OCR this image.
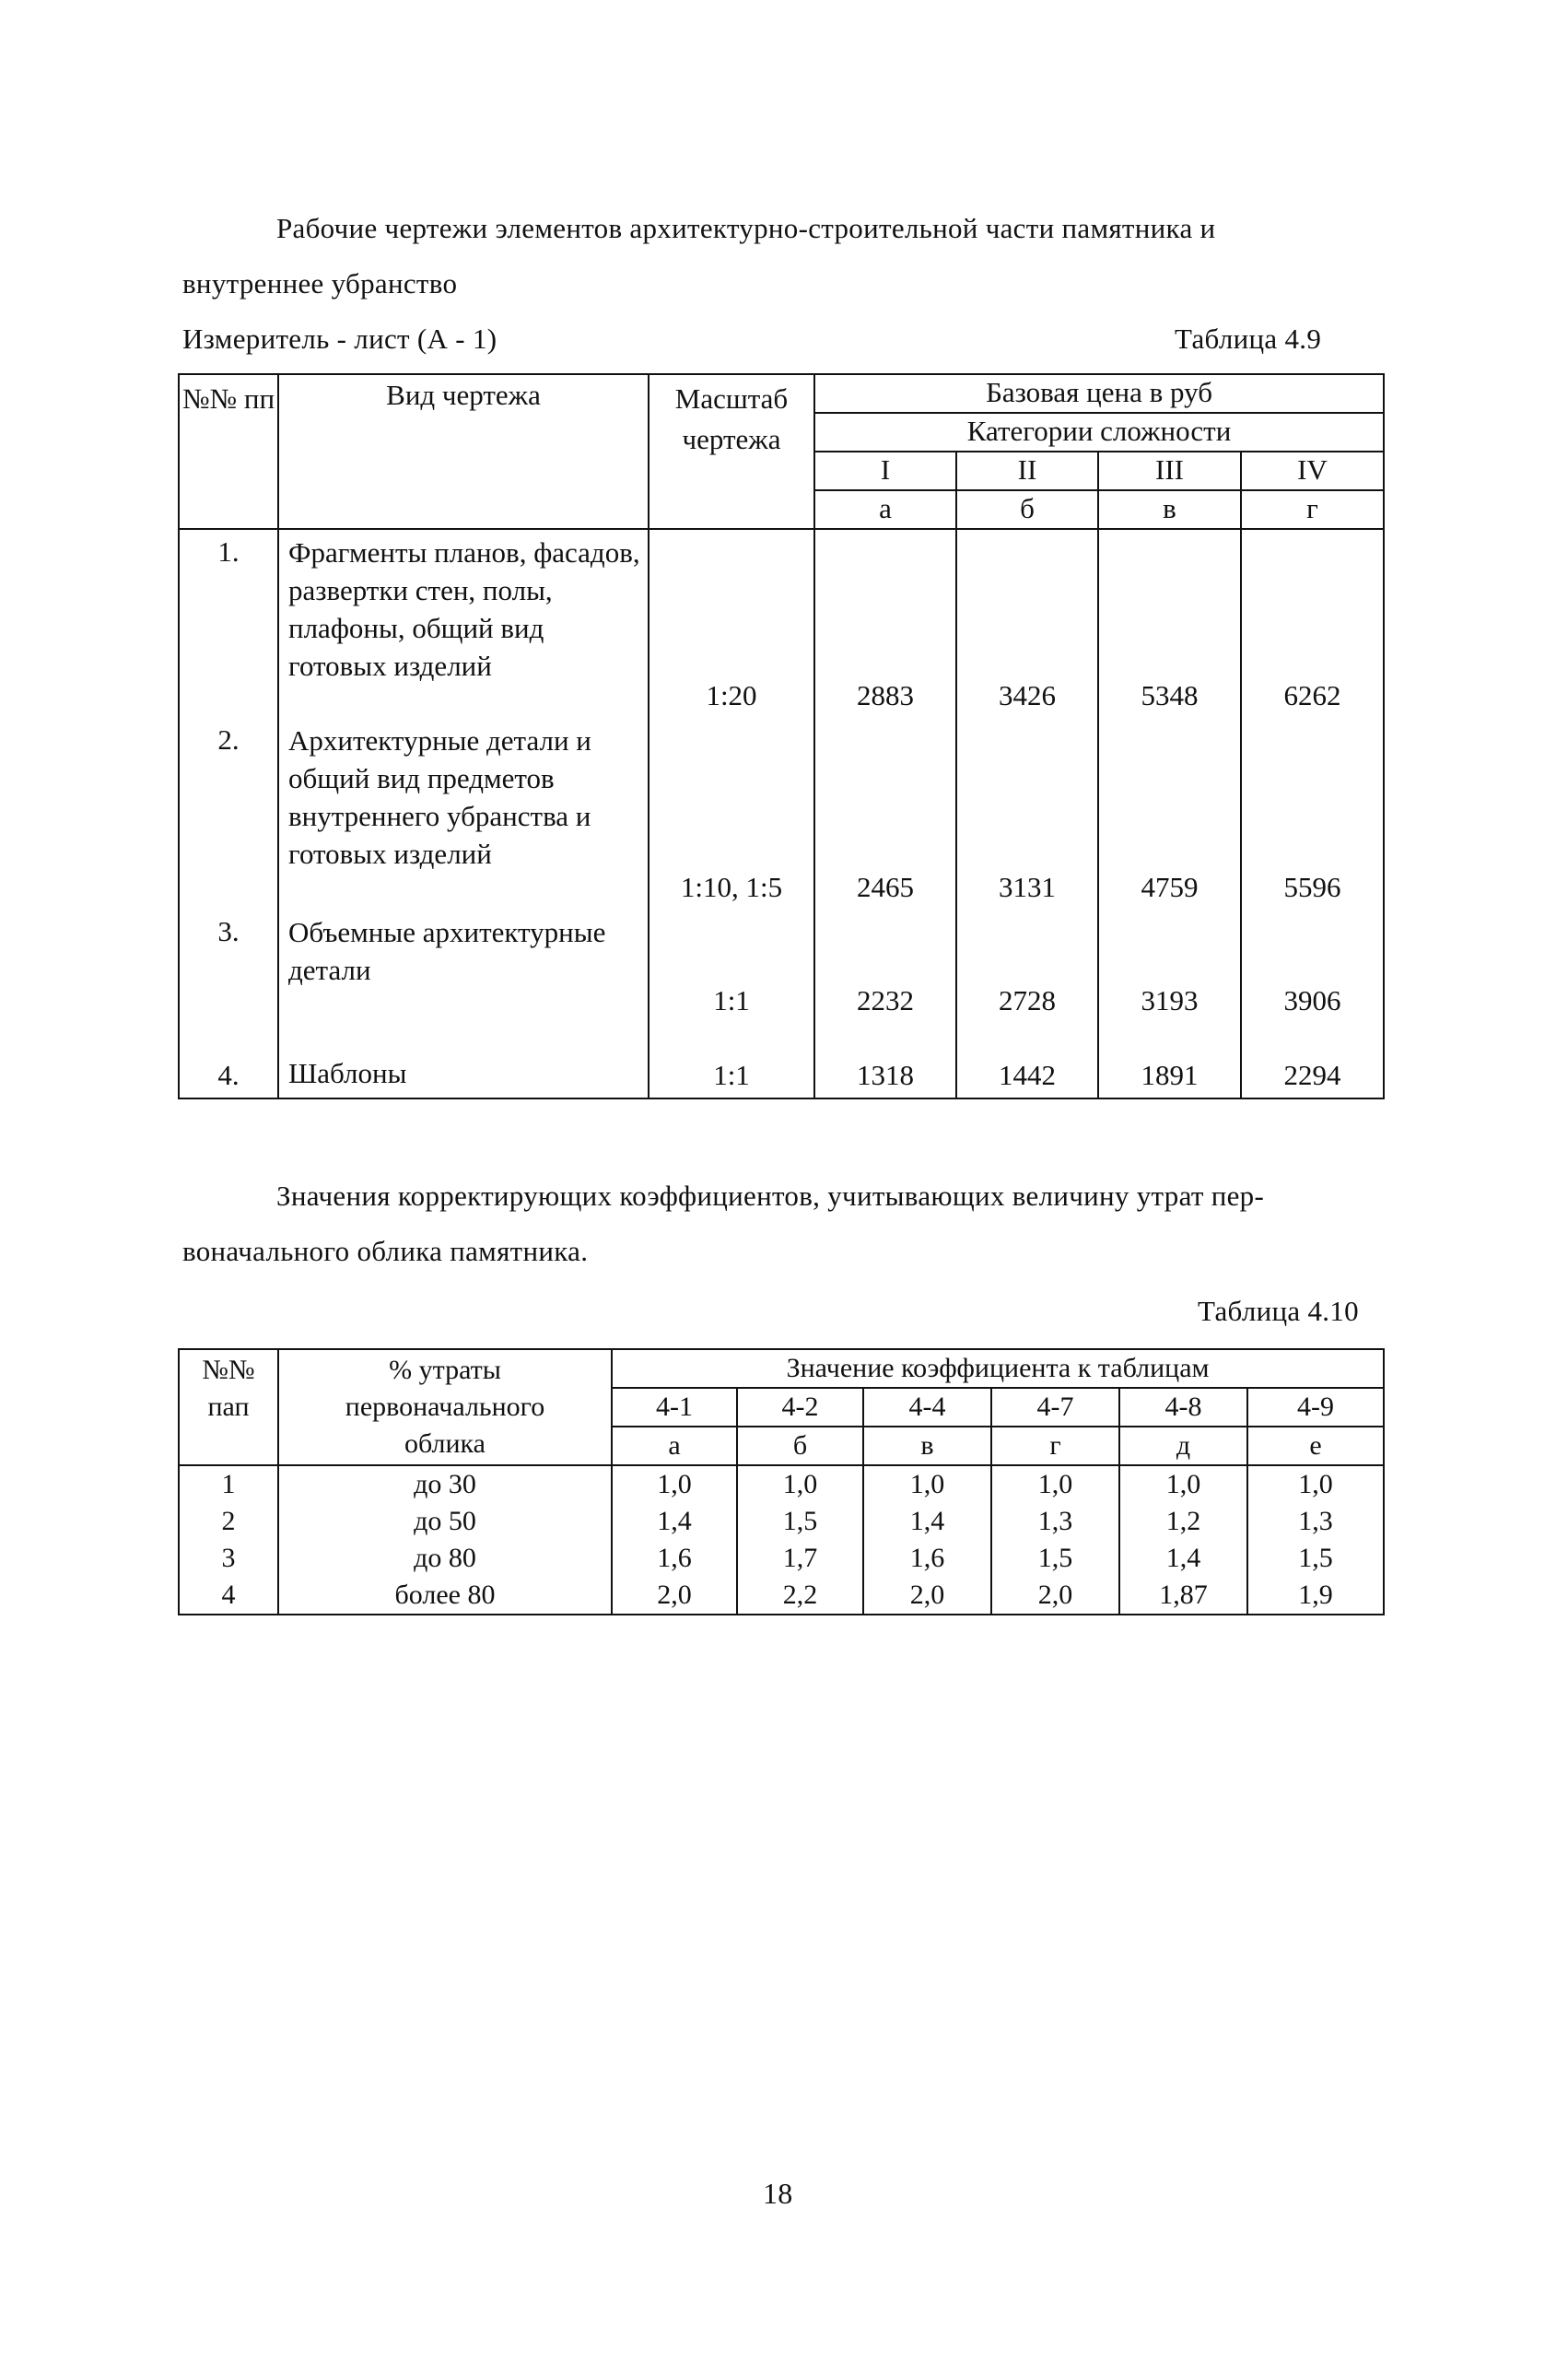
Рабочие чертежи элементов архитектурно-строительной части памятника и
внутреннее убранство
Измеритель - лист (А - 1)	Таблица 4.9
№№ пп	Вид чертежа	Масштаб чертежа	Базовая цена в руб			
			Категории сложности			
			I	II	III	IV
			а	б	в	г
1.	Фрагменты планов, фасадов, развертки стен, полы, плафоны, общий вид готовых изделий	1:20	2883	3426	5348	6262
2.	Архитектурные детали и общий вид предметов внутреннего убранства и готовых изделий	1:10, 1:5	2465	3131	4759	5596
3.	Объемные архитектурные детали	1:1	2232	2728	3193	3906
4.	Шаблоны	1:1	1318	1442	1891	2294
Значения корректирующих коэффициентов, учитывающих величину утрат пер-
воначального облика памятника.
Таблица 4.10
№№ пап	% утраты первоначального облика	Значение коэффициента к таблицам					
		4-1	4-2	4-4	4-7	4-8	4-9
		а	б	в	г	д	е
1	до 30	1,0	1,0	1,0	1,0	1,0	1,0
2	до 50	1,4	1,5	1,4	1,3	1,2	1,3
3	до 80	1,6	1,7	1,6	1,5	1,4	1,5
4	более 80	2,0	2,2	2,0	2,0	1,87	1,9
18
